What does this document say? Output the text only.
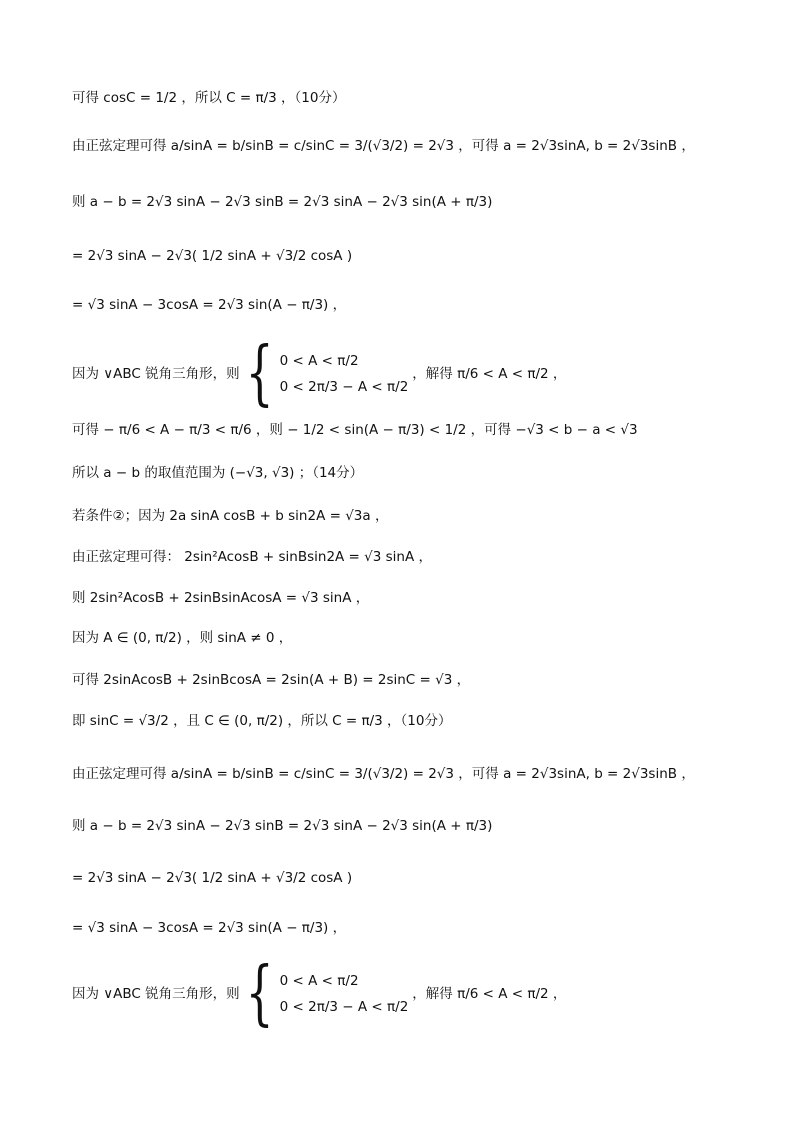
可得 cosC = 1/2 ，所以 C = π/3 ，（10分）
由正弦定理可得 a/sinA = b/sinB = c/sinC = 3/(√3/2) = 2√3 ，可得 a = 2√3sinA, b = 2√3sinB ，
则 a − b = 2√3 sinA − 2√3 sinB = 2√3 sinA − 2√3 sin(A + π/3)
= 2√3 sinA − 2√3( 1/2 sinA + √3/2 cosA )
= √3 sinA − 3cosA = 2√3 sin(A − π/3) ，
因为 ∨ABC 锐角三角形，则 { 0 < A < π/2
0 < 2π/3 − A < π/2
，解得 π/6 < A < π/2 ，
可得 − π/6 < A − π/3 < π/6 ，则 − 1/2 < sin(A − π/3) < 1/2 ，可得 −√3 < b − a < √3
所以 a − b 的取值范围为 (−√3, √3) ；（14分）
若条件②；因为 2a sinA cosB + b sin2A = √3a ，
由正弦定理可得： 2sin²AcosB + sinBsin2A = √3 sinA ，
则 2sin²AcosB + 2sinBsinAcosA = √3 sinA ，
因为 A ∈ (0, π/2) ，则 sinA ≠ 0 ，
可得 2sinAcosB + 2sinBcosA = 2sin(A + B) = 2sinC = √3 ，
即 sinC = √3/2 ，且 C ∈ (0, π/2) ，所以 C = π/3 ，（10分）
由正弦定理可得 a/sinA = b/sinB = c/sinC = 3/(√3/2) = 2√3 ，可得 a = 2√3sinA, b = 2√3sinB ，
则 a − b = 2√3 sinA − 2√3 sinB = 2√3 sinA − 2√3 sin(A + π/3)
= 2√3 sinA − 2√3( 1/2 sinA + √3/2 cosA )
= √3 sinA − 3cosA = 2√3 sin(A − π/3) ，
因为 ∨ABC 锐角三角形，则 { 0 < A < π/2
0 < 2π/3 − A < π/2
，解得 π/6 < A < π/2 ，
